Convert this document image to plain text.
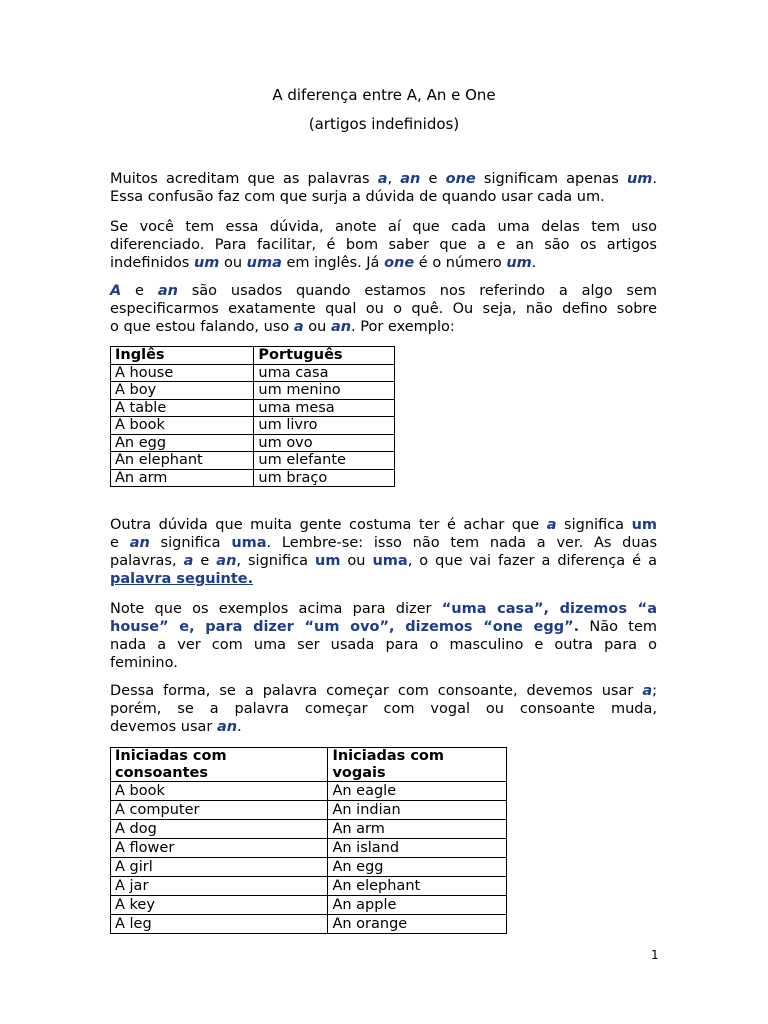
A diferença entre A, An e One
(artigos indefinidos)
Muitos acreditam que as palavras a, an e one significam apenas um.
Essa confusão faz com que surja a dúvida de quando usar cada um.
Se você tem essa dúvida, anote aí que cada uma delas tem uso
diferenciado. Para facilitar, é bom saber que a e an são os artigos
indefinidos um ou uma em inglês. Já one é o número um.
A e an são usados quando estamos nos referindo a algo sem
especificarmos exatamente qual ou o quê. Ou seja, não defino sobre
o que estou falando, uso a ou an. Por exemplo:
Inglês	Português
A house	uma casa
A boy	um menino
A table	uma mesa
A book	um livro
An egg	um ovo
An elephant	um elefante
An arm	um braço
Outra dúvida que muita gente costuma ter é achar que a significa um
e an significa uma. Lembre-se: isso não tem nada a ver. As duas
palavras, a e an, significa um ou uma, o que vai fazer a diferença é a
palavra seguinte.
Note que os exemplos acima para dizer “uma casa”, dizemos “a
house” e, para dizer “um ovo”, dizemos “one egg”. Não tem
nada a ver com uma ser usada para o masculino e outra para o
feminino.
Dessa forma, se a palavra começar com consoante, devemos usar a;
porém, se a palavra começar com vogal ou consoante muda,
devemos usar an.
Iniciadas com consoantes	Iniciadas com vogais
A book	An eagle
A computer	An indian
A dog	An arm
A flower	An island
A girl	An egg
A jar	An elephant
A key	An apple
A leg	An orange
1
